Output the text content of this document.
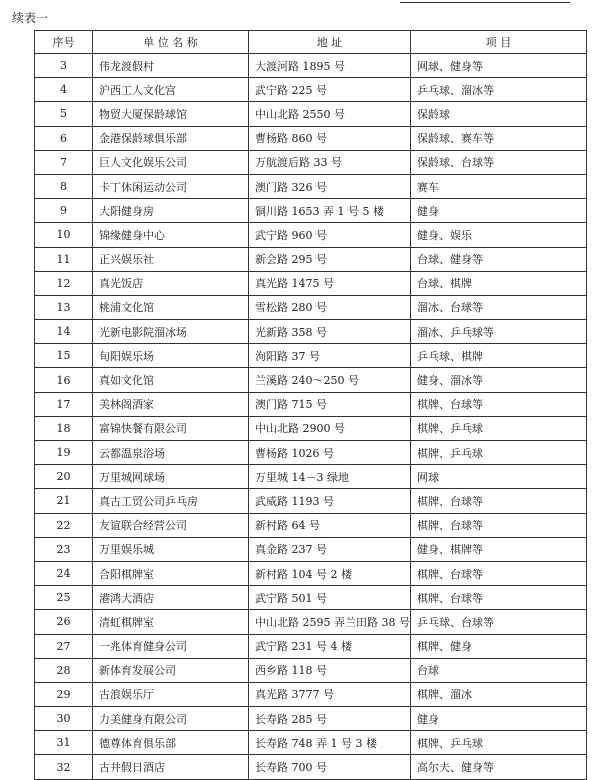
续表一
序号	单 位 名 称	地 址	项 目
3	伟龙渡假村	大渡河路 1895 号	网球、健身等
4	沪西工人文化宫	武宁路 225 号	乒乓球、溜冰等
5	物贸大厦保龄球馆	中山北路 2550 号	保龄球
6	金港保龄球俱乐部	曹杨路 860 号	保龄球、赛车等
7	巨人文化娱乐公司	万航渡后路 33 号	保龄球、台球等
8	卡丁休闲运动公司	澳门路 326 号	赛车
9	大阳健身房	铜川路 1653 弄 1 号 5 楼	健身
10	锦缘健身中心	武宁路 960 号	健身、娱乐
11	正兴娱乐社	新会路 295 号	台球、健身等
12	真光饭店	真光路 1475 号	台球、棋牌
13	桃浦文化馆	雪松路 280 号	溜冰、台球等
14	光新电影院溜冰场	光新路 358 号	溜冰、乒乓球等
15	旬阳娱乐场	洵阳路 37 号	乒乓球、棋牌
16	真如文化馆	兰溪路 240～250 号	健身、溜冰等
17	美林阁酒家	澳门路 715 号	棋牌、台球等
18	富锦快餐有限公司	中山北路 2900 号	棋牌、乒乓球
19	云都温泉浴场	曹杨路 1026 号	棋牌、乒乓球
20	万里城网球场	万里城 14－3 绿地	网球
21	真古工贸公司乒乓房	武威路 1193 号	棋牌、台球等
22	友谊联合经营公司	新村路 64 号	棋牌、台球等
23	万里娱乐城	真金路 237 号	健身、棋牌等
24	合阳棋牌室	新村路 104 号 2 楼	棋牌、台球等
25	港鸿大酒店	武宁路 501 号	棋牌、台球等
26	清虹棋牌室	中山北路 2595 弄兰田路 38 号	乒乓球、台球等
27	一兆体育健身公司	武宁路 231 号 4 楼	棋牌、健身
28	新体育发展公司	西乡路 118 号	台球
29	古浪娱乐厅	真光路 3777 号	棋牌、溜冰
30	力美健身有限公司	长寿路 285 号	健身
31	德尊体育俱乐部	长寿路 748 弄 1 号 3 楼	棋牌、乒乓球
32	古井假日酒店	长寿路 700 号	高尔夫、健身等
